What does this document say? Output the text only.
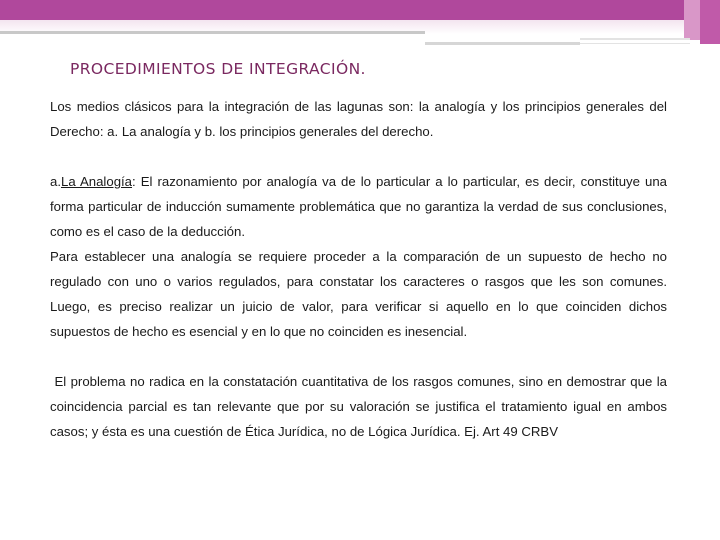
PROCEDIMIENTOS DE INTEGRACIÓN.

Los medios clásicos para la integración de las lagunas son: la analogía y los principios generales del Derecho: a. La analogía y b. los principios generales del derecho.

a.La Analogía: El razonamiento por analogía va de lo particular a lo particular, es decir, constituye una forma particular de inducción sumamente problemática que no garantiza la verdad de sus conclusiones, como es el caso de la deducción.

Para establecer una analogía se requiere proceder a la comparación de un supuesto de hecho no regulado con uno o varios regulados, para constatar los caracteres o rasgos que les son comunes. Luego, es preciso realizar un juicio de valor, para verificar si aquello en lo que coinciden dichos supuestos de hecho es esencial y en lo que no coinciden es inesencial.

El problema no radica en la constatación cuantitativa de los rasgos comunes, sino en demostrar que la coincidencia parcial es tan relevante que por su valoración se justifica el tratamiento igual en ambos casos; y ésta es una cuestión de Ética Jurídica, no de Lógica Jurídica. Ej. Art 49 CRBV
